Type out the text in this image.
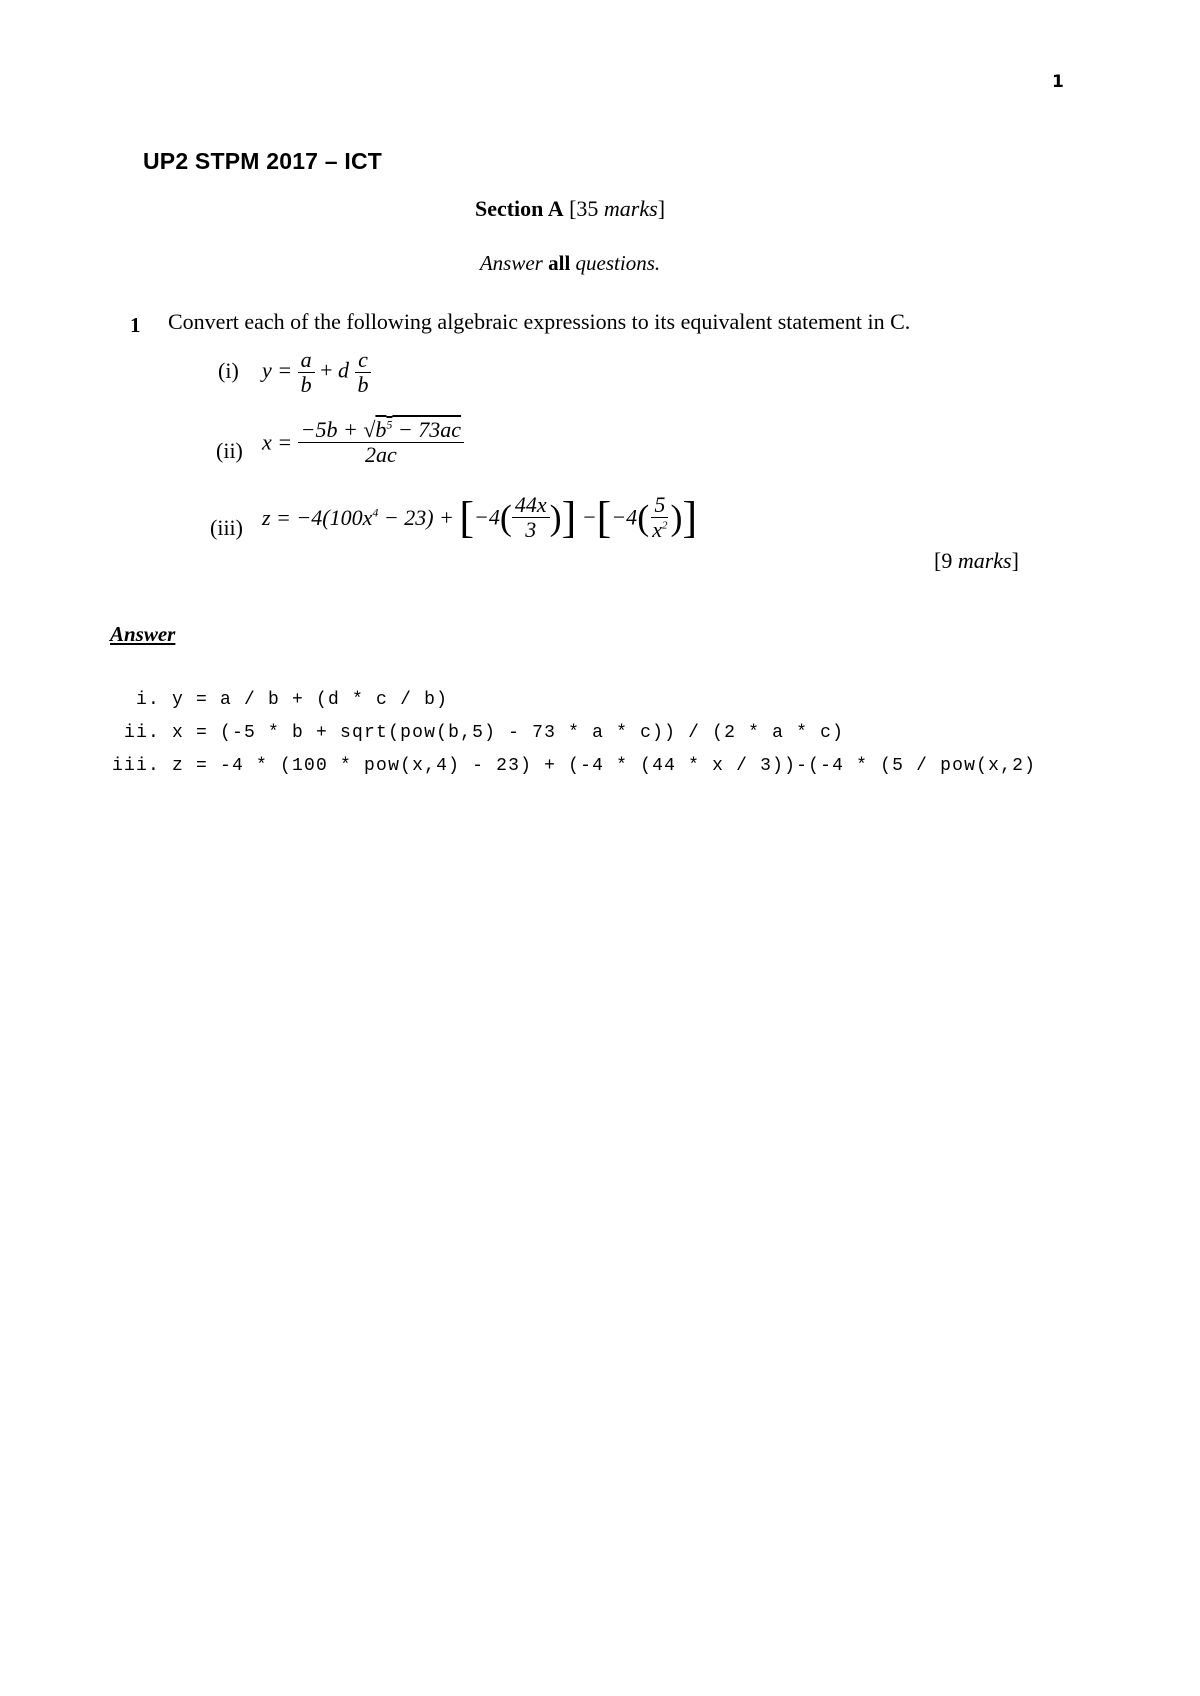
1
UP2 STPM 2017 – ICT
Section A [35 marks]
Answer all questions.
1 Convert each of the following algebraic expressions to its equivalent statement in C.
(i) $y = \frac{a}{b} + d \frac{c}{b}$
(ii) $x = \frac{-5b + √b^5 - 73ac}{2ac}$
(iii) $z = -4(100x^4 - 23) + [-4( \frac{44x}{3}$ )] $-[-4( \frac{5}{x^2}$ )]
[9 marks]
Answer

i. y = a / b + (d * c / b)

ii. x = (-5 * b + sqrt(pow(b,5) - 73 * a * c)) / (2 * a * c)

iii. z = -4 * (100 * pow(x,4) - 23) + (-4 * (44 * x / 3))-(-4 * (5 / pow(x,2)
